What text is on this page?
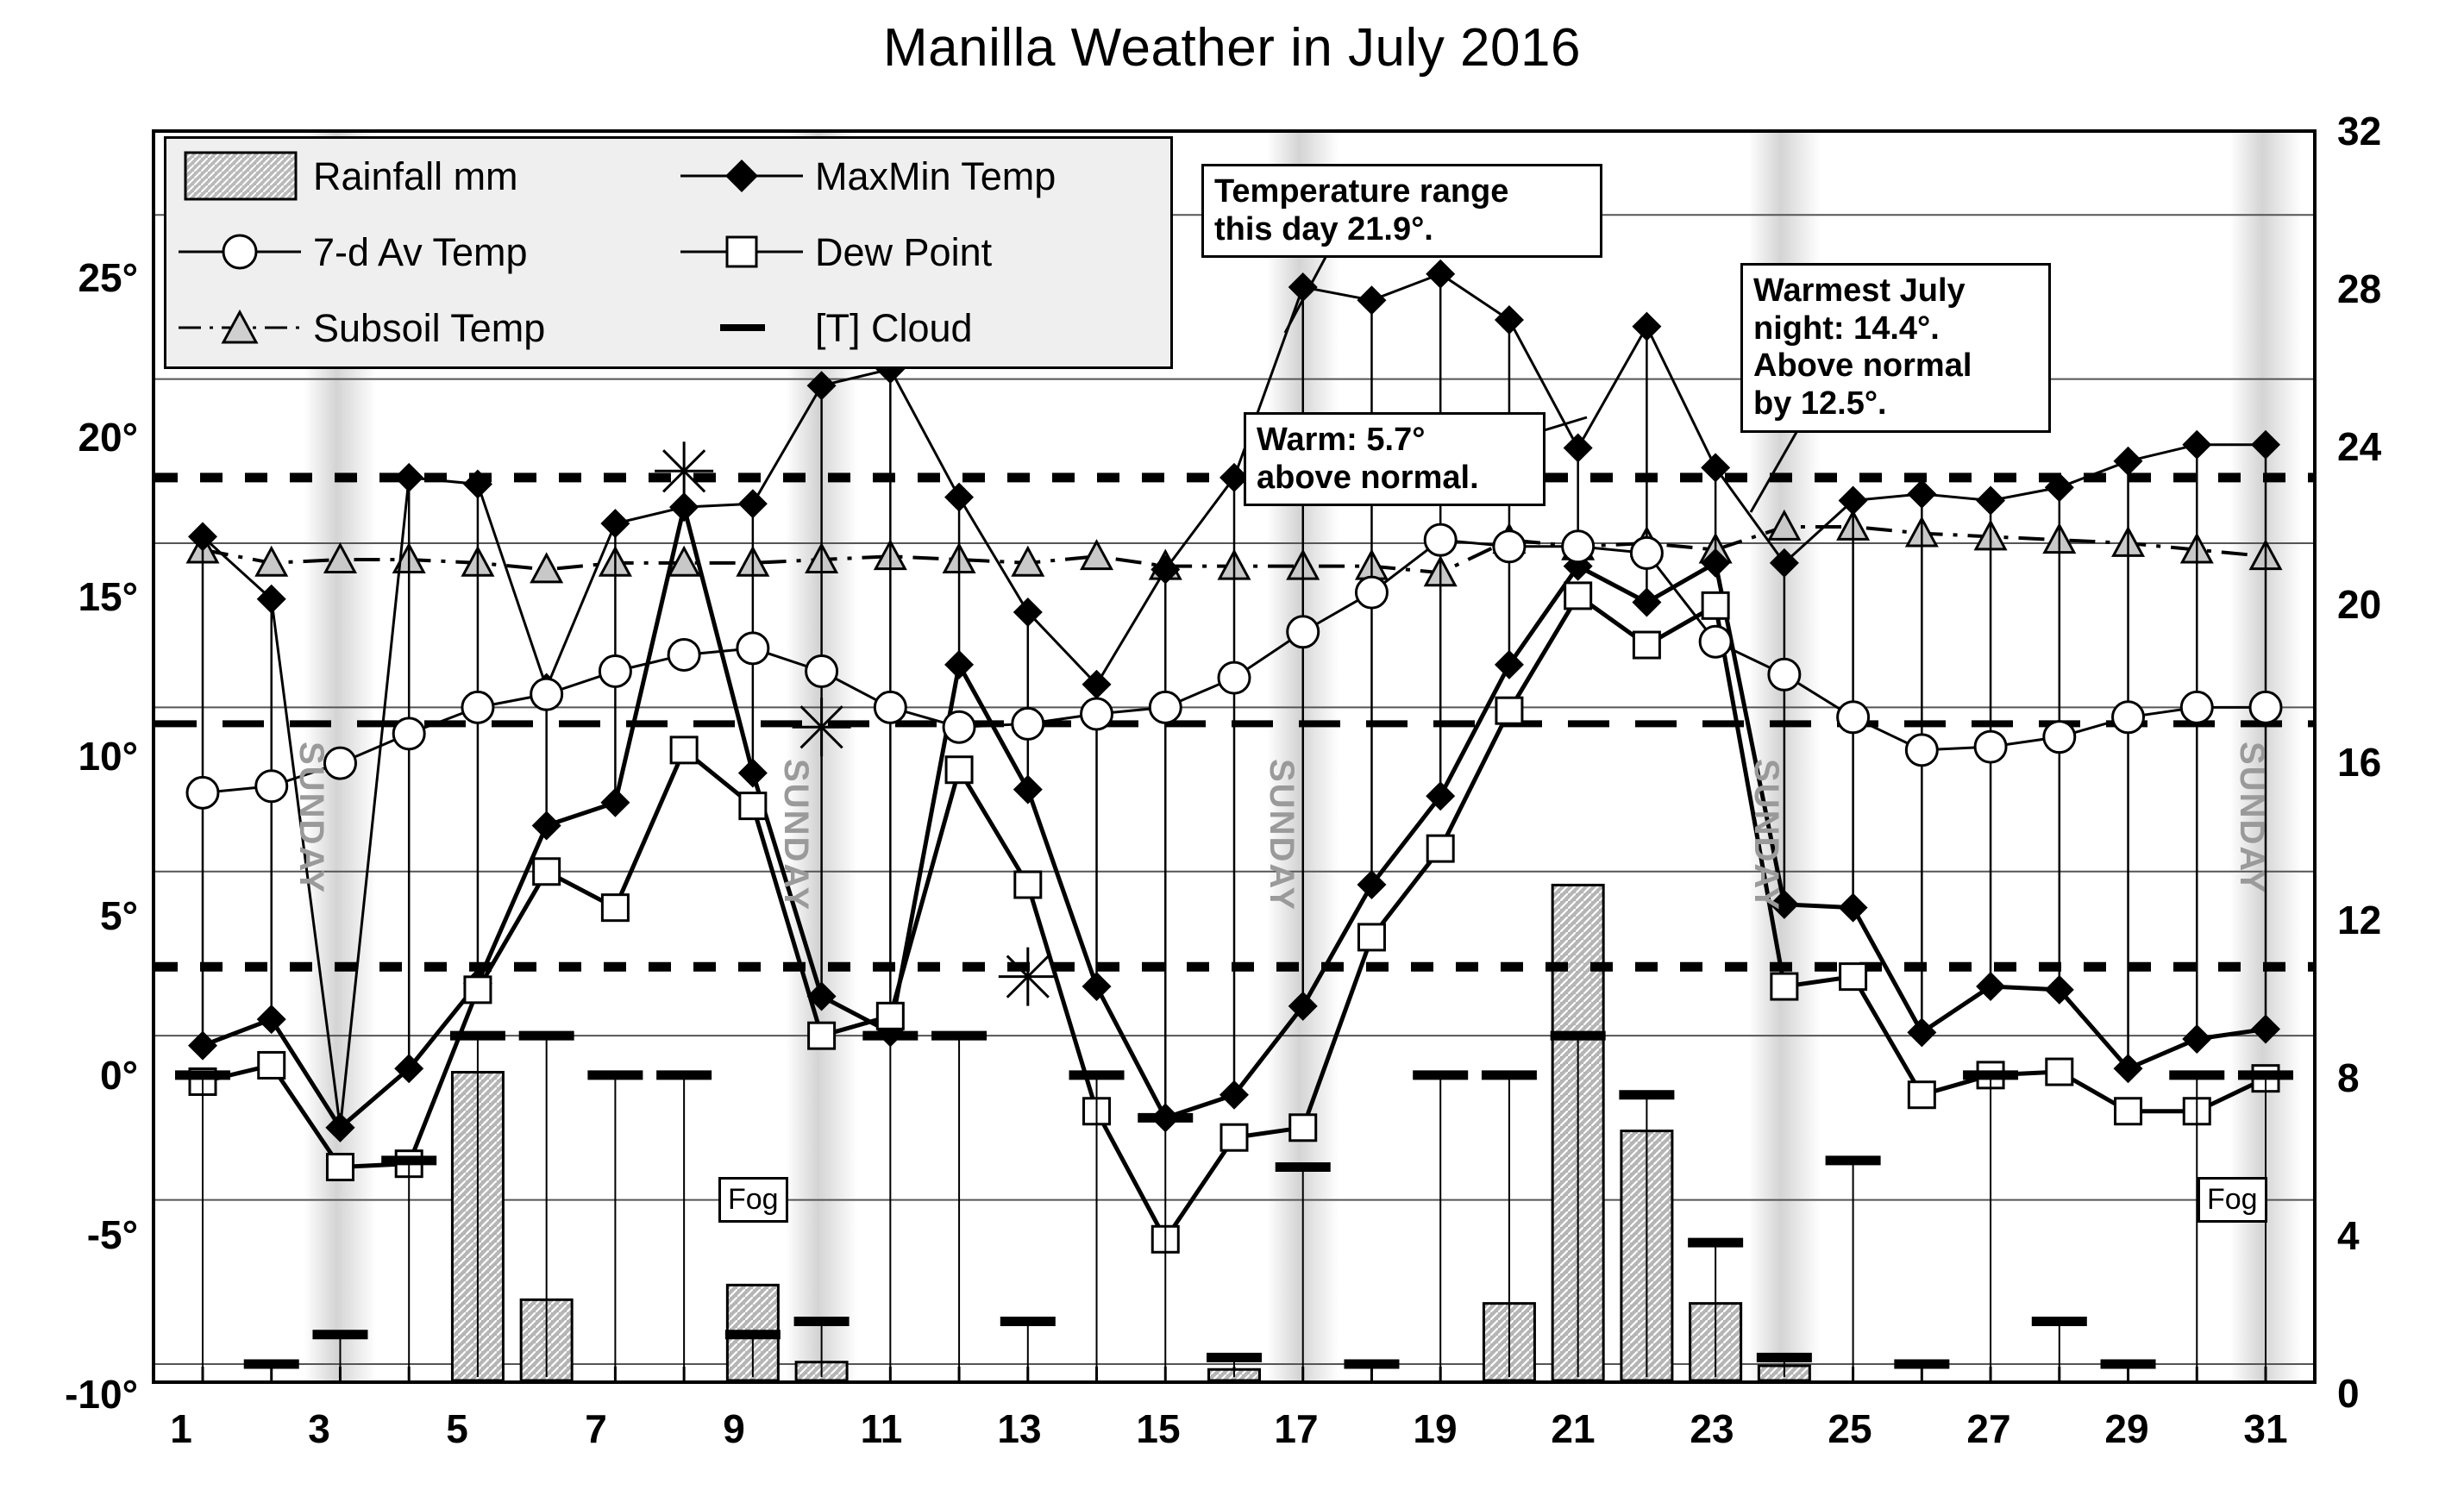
Manilla Weather in July 2016
25°
20°
15°
10°
5°
0°
-5°
-10°
32
28
24
20
16
12
8
4
0
1	3	5	7	9	11	13	15	17	19	21	23	25	27	29	31
SUNDAY	SUNDAY	SUNDAY	SUNDAY	SUNDAY
Rainfall mm	MaxMin Temp
7-d Av Temp	Dew Point
Subsoil Temp	[T] Cloud
Temperature range
this day 21.9°.
Warm: 5.7°
above normal.
Warmest July
night: 14.4°.
Above normal
by 12.5°.
Fog	Fog
